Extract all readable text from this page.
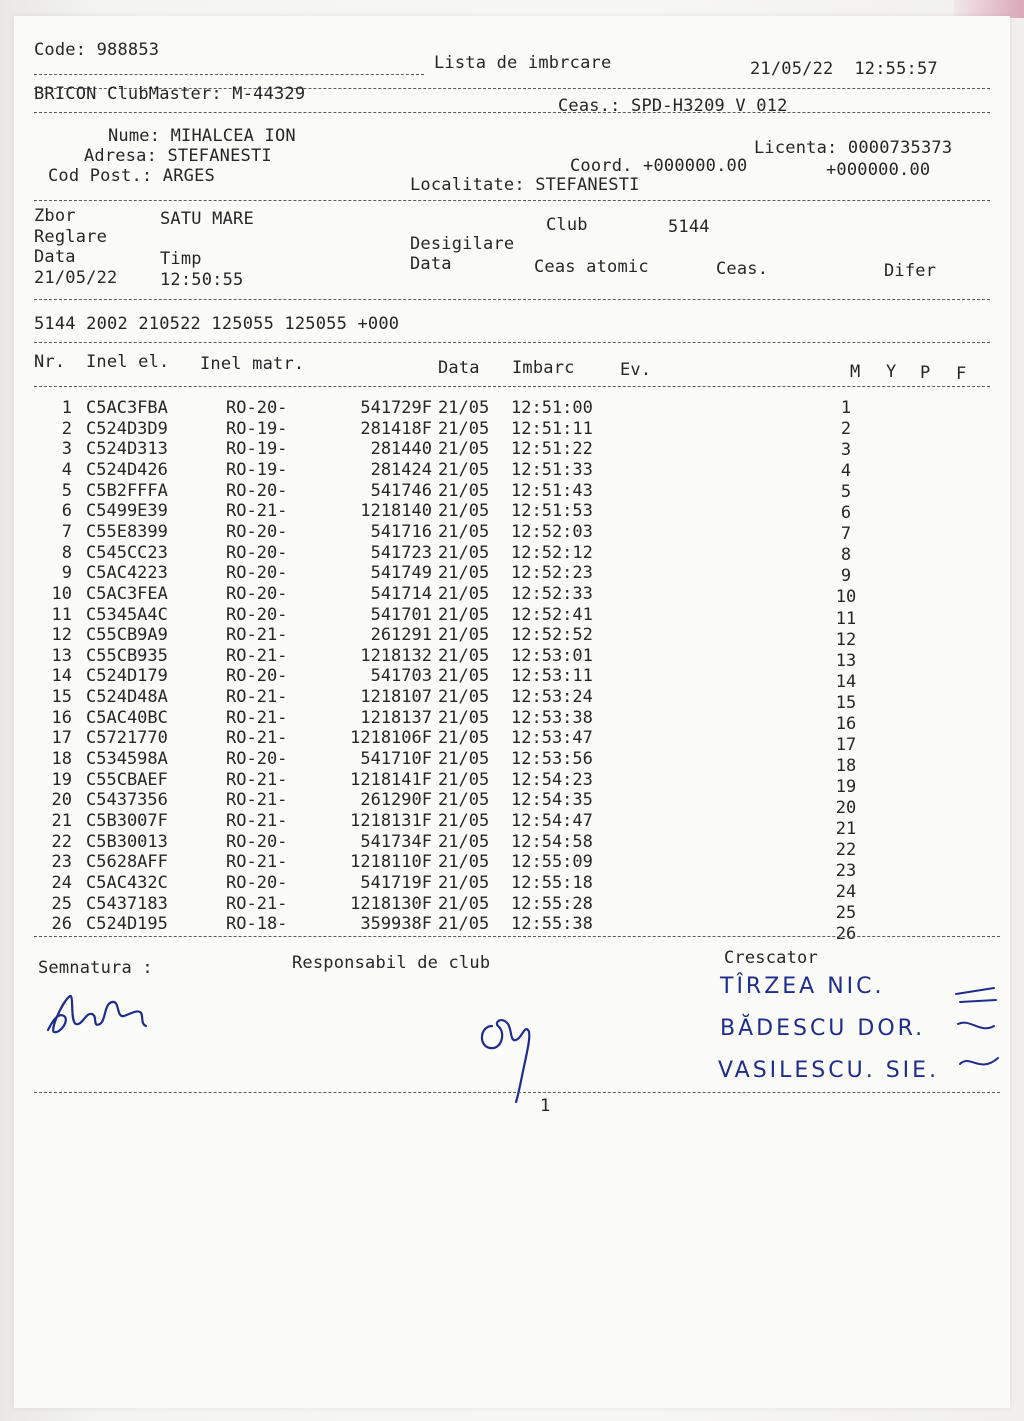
Code: 988853
Lista de imbrcare	21/05/22  12:55:57
BRICON ClubMaster: M-44329
Ceas.: SPD-H3209 V 012
Nume: MIHALCEA ION
Adresa: STEFANESTI
Cod Post.: ARGES
Licenta: 0000735373
Coord. +000000.00	+000000.00
Localitate: STEFANESTI
Zbor	SATU MARE	Club	5144
Reglare	Desigilare
Data	Timp	Data	Ceas atomic	Ceas.	Difer
21/05/22	12:50:55
5144 2002 210522 125055 125055 +000
Nr. Inel el. Inel matr.	Data Imbarc	Ev.	M Y P F
1 C5AC3FBA	RO-20-	541729F 21/05 12:51:00	1
2 C524D3D9	RO-19-	281418F 21/05 12:51:11	2
3 C524D313	RO-19-	281440 21/05 12:51:22	3
4 C524D426	RO-19-	281424 21/05 12:51:33	4
5 C5B2FFFA	RO-20-	541746 21/05 12:51:43	5
6 C5499E39	RO-21-	1218140 21/05 12:51:53	6
7 C55E8399	RO-20-	541716 21/05 12:52:03	7
8 C545CC23	RO-20-	541723 21/05 12:52:12	8
9 C5AC4223	RO-20-	541749 21/05 12:52:23	9
10 C5AC3FEA	RO-20-	541714 21/05 12:52:33	10
11 C5345A4C	RO-20-	541701 21/05 12:52:41	11
12 C55CB9A9	RO-21-	261291 21/05 12:52:52	12
13 C55CB935	RO-21-	1218132 21/05 12:53:01	13
14 C524D179	RO-20-	541703 21/05 12:53:11	14
15 C524D48A	RO-21-	1218107 21/05 12:53:24	15
16 C5AC40BC	RO-21-	1218137 21/05 12:53:38	16
17 C5721770	RO-21-	1218106F 21/05 12:53:47	17
18 C534598A	RO-20-	541710F 21/05 12:53:56	18
19 C55CBAEF	RO-21-	1218141F 21/05 12:54:23	19
20 C5437356	RO-21-	261290F 21/05 12:54:35	20
21 C5B3007F	RO-21-	1218131F 21/05 12:54:47	21
22 C5B30013	RO-20-	541734F 21/05 12:54:58	22
23 C5628AFF	RO-21-	1218110F 21/05 12:55:09	23
24 C5AC432C	RO-20-	541719F 21/05 12:55:18	24
25 C5437183	RO-21-	1218130F 21/05 12:55:28	25
26 C524D195	RO-18-	359938F 21/05 12:55:38	26
Semnatura :	Responsabil de club	Crescator
TÎRZEA NIC.
BĂDESCU DOR.
VASILESCU. SIE.
1
